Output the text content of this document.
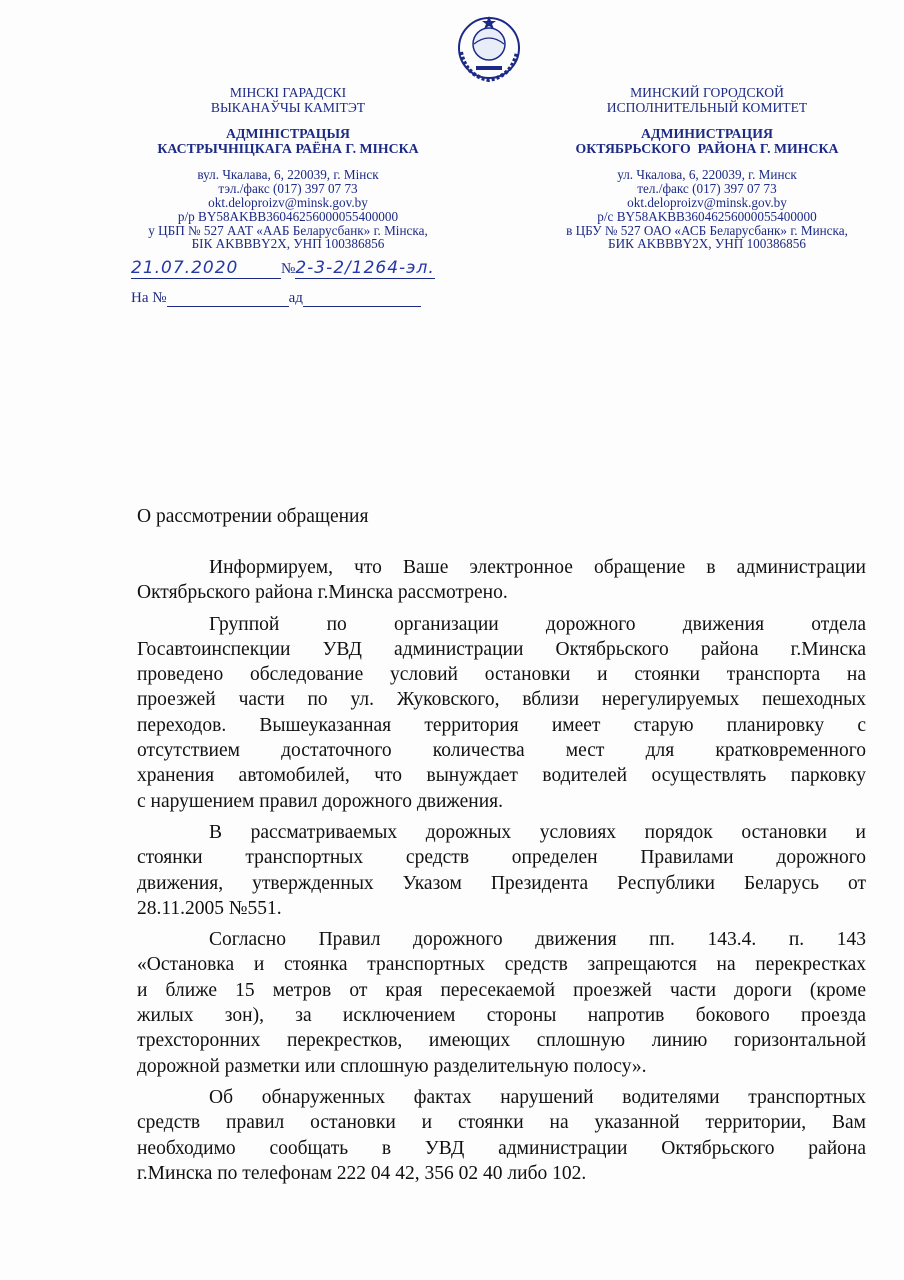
МІНСКІ ГАРАДСКІ
ВЫКАНАЎЧЫ КАМІТЭТ
АДМІНІСТРАЦЫЯ
КАСТРЫЧНІЦКАГА РАЁНА Г. МІНСКА
вул. Чкалава, 6, 220039, г. Мінск
тэл./факс (017) 397 07 73
okt.deloproizv@minsk.gov.by
р/р BY58AKBB36046256000055400000
у ЦБП № 527 ААТ «ААБ Беларусбанк» г. Мінска,
БІК AKBBBY2X, УНП 100386856
МИНСКИЙ ГОРОДСКОЙ
ИСПОЛНИТЕЛЬНЫЙ КОМИТЕТ
АДМИНИСТРАЦИЯ
ОКТЯБРЬСКОГО  РАЙОНА Г. МИНСКА
ул. Чкалова, 6, 220039, г. Минск
тел./факс (017) 397 07 73
okt.deloproizv@minsk.gov.by
р/с BY58AKBB36046256000055400000
в ЦБУ № 527 ОАО «АСБ Беларусбанк» г. Минска,
БИК AKBBBY2X, УНП 100386856
21.07.2020	№2-3-2/1264-эл.
На №	ад
О рассмотрении обращения
Информируем, что Ваше электронное обращение в администрации
Октябрьского района г.Минска рассмотрено.
Группой по организации дорожного движения отдела
Госавтоинспекции УВД администрации Октябрьского района г.Минска
проведено обследование условий остановки и стоянки транспорта на
проезжей части по ул. Жуковского, вблизи нерегулируемых пешеходных
переходов. Вышеуказанная территория имеет старую планировку с
отсутствием достаточного количества мест для кратковременного
хранения автомобилей, что вынуждает водителей осуществлять парковку
с нарушением правил дорожного движения.
В рассматриваемых дорожных условиях порядок остановки и
стоянки транспортных средств определен Правилами дорожного
движения, утвержденных Указом Президента Республики Беларусь от
28.11.2005 №551.
Согласно Правил дорожного движения пп. 143.4. п. 143
«Остановка и стоянка транспортных средств запрещаются на перекрестках
и ближе 15 метров от края пересекаемой проезжей части дороги (кроме
жилых зон), за исключением стороны напротив бокового проезда
трехсторонних перекрестков, имеющих сплошную линию горизонтальной
дорожной разметки или сплошную разделительную полосу».
Об обнаруженных фактах нарушений водителями транспортных
средств правил остановки и стоянки на указанной территории, Вам
необходимо сообщать в УВД администрации Октябрьского района
г.Минска по телефонам 222 04 42, 356 02 40 либо 102.
